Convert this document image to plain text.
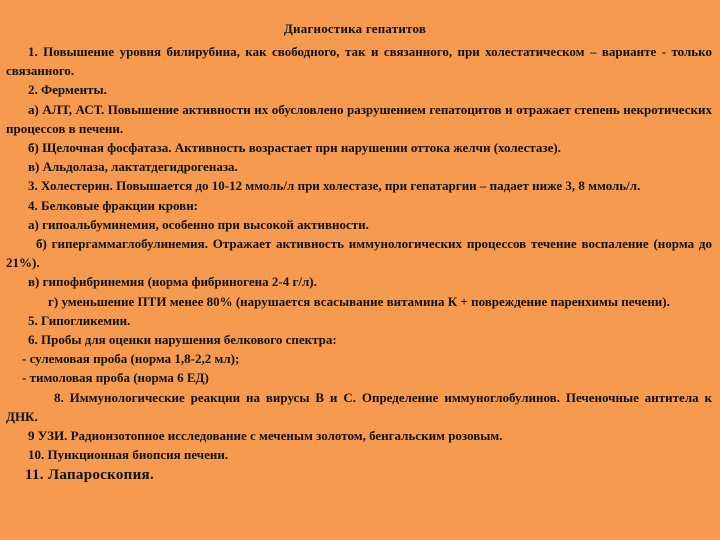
Диагностика гепатитов

1. Повышение уровня билирубина, как свободного, так и связанного, при холестатическом – варианте - только связанного.

2. Ферменты.

а) АЛТ, АСТ. Повышение активности их обусловлено разрушением гепатоцитов и отражает степень некротических процессов в печени.

б) Щелочная фосфатаза. Активность возрастает при нарушении оттока желчи (холестазе).

в) Альдолаза, лактатдегидрогеназа.

3. Холестерин. Повышается до 10-12 ммоль/л при холестазе, при гепатаргии – падает ниже 3, 8 ммоль/л.

4. Белковые фракции крови:

а) гипоальбуминемия, особенно при высокой активности.

б) гипергаммаглобулинемия. Отражает активность иммунологических процессов течение воспаление (норма до 21%).

в) гипофибринемия (норма фибриногена 2-4 г/л).

г) уменьшение ПТИ менее 80% (нарушается всасывание витамина К + повреждение паренхимы печени).

5. Гипогликемии.

6. Пробы для оценки нарушения белкового спектра:

- сулемовая проба (норма 1,8-2,2 мл);

- тимоловая проба (норма 6 ЕД)

8. Иммунологические реакции на вирусы В и С. Определение иммуноглобулинов. Печеночные антитела к ДНК.

9 УЗИ. Радиоизотопное исследование с меченым золотом, бенгальским розовым.

10. Пункционная биопсия печени.

11. Лапароскопия.
